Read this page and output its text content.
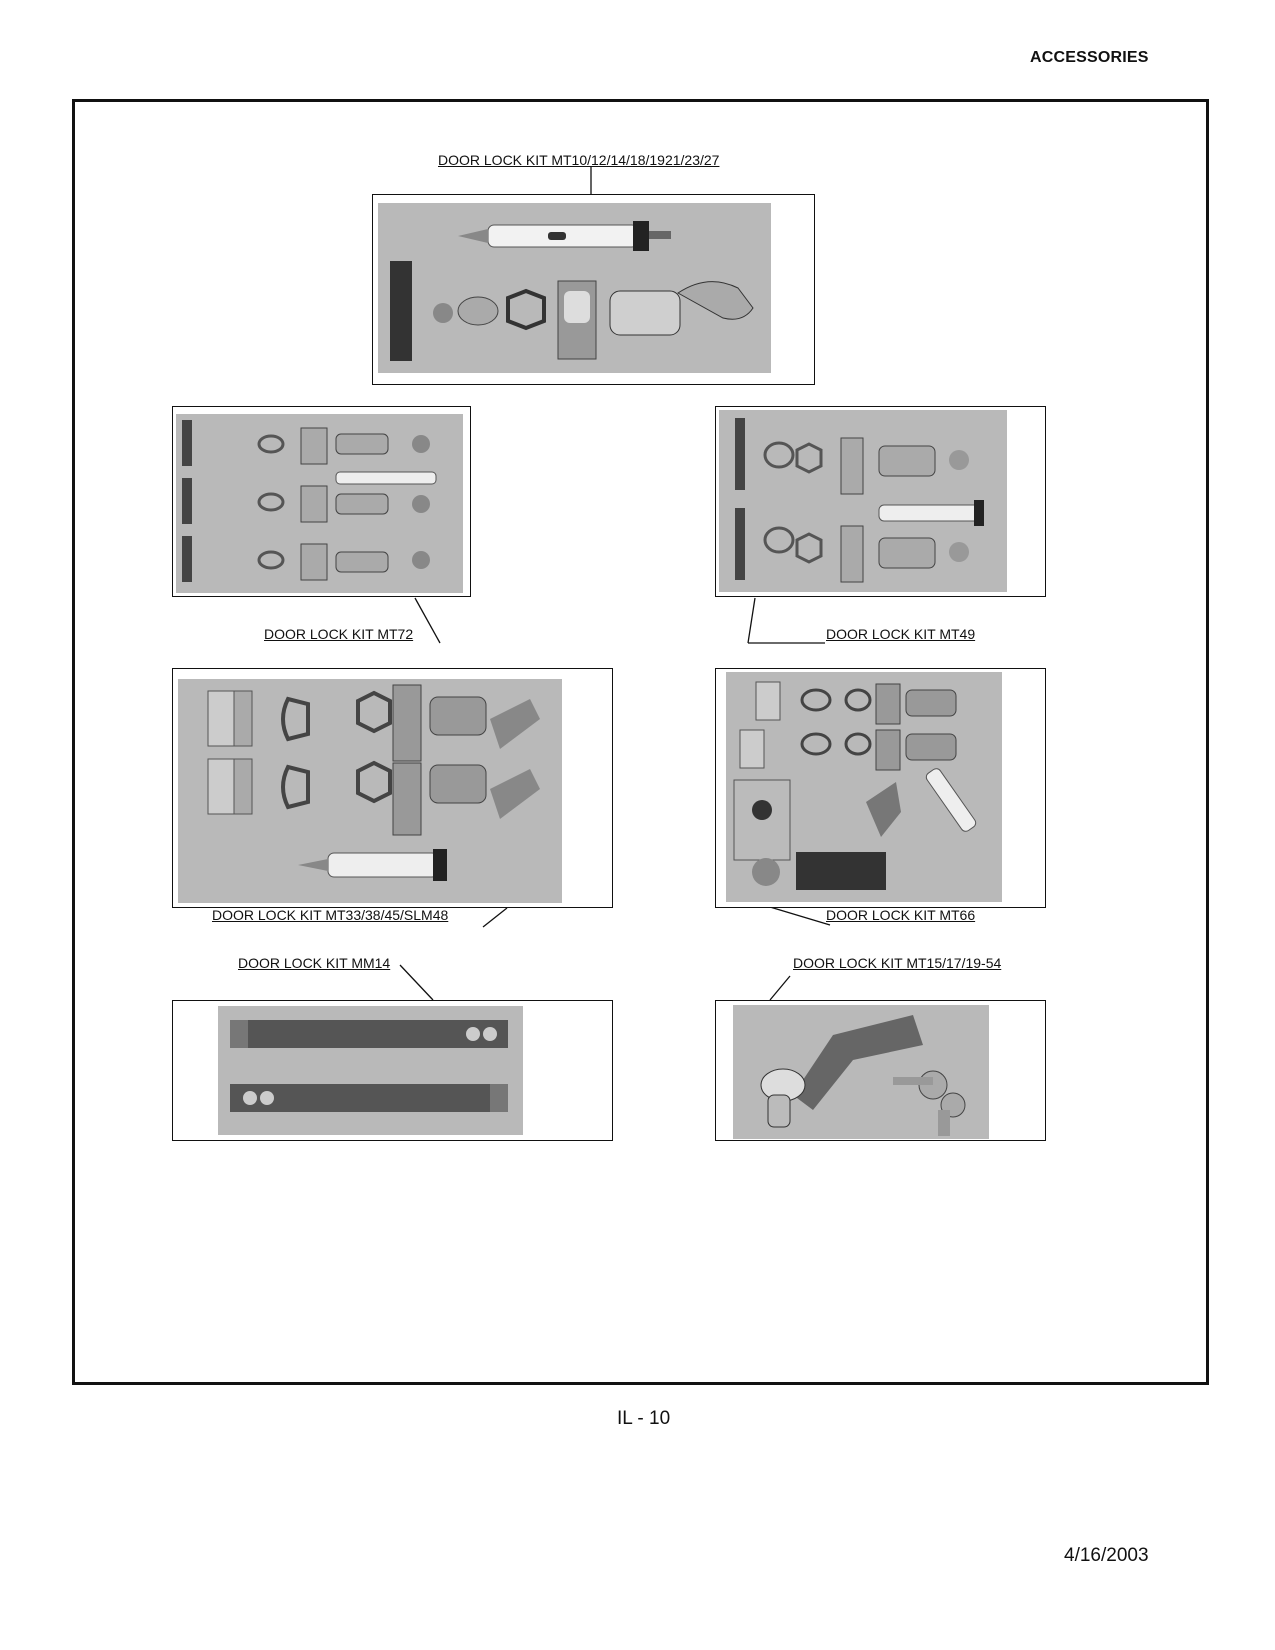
ACCESSORIES
DOOR LOCK KIT MT10/12/14/18/1921/23/27
DOOR LOCK KIT MT72	DOOR LOCK KIT MT49
DOOR LOCK KIT MT33/38/45/SLM48	DOOR LOCK KIT MT66
DOOR LOCK KIT MM14	DOOR LOCK KIT MT15/17/19-54
IL - 10
4/16/2003
